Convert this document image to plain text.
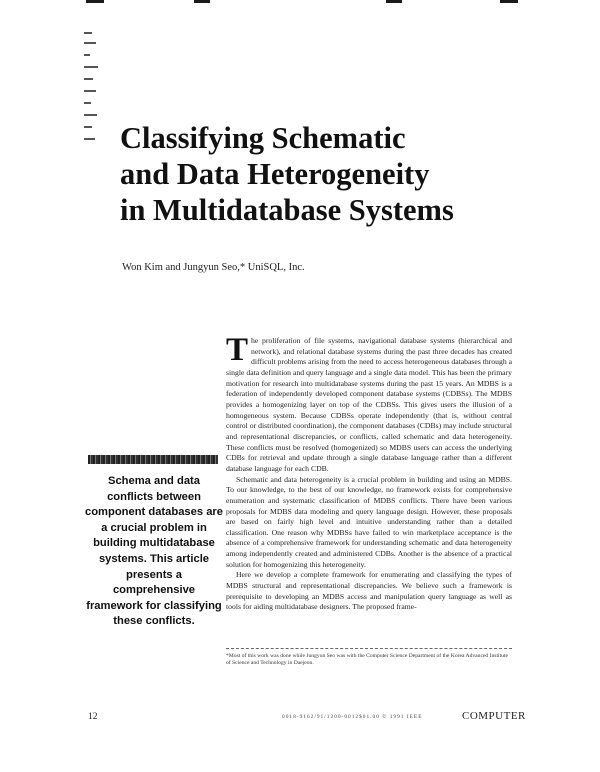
Classifying Schematic
and Data Heterogeneity
in Multidatabase Systems
Won Kim and Jungyun Seo,* UniSQL, Inc.

The proliferation of file systems, navigational database systems (hierarchical and network), and relational database systems during the past three decades has created difficult problems arising from the need to access heterogeneous databases through a single data definition and query language and a single data model. This has been the primary motivation for research into multidatabase systems during the past 15 years. An MDBS is a federation of independently developed component database systems (CDBSs). The MDBS provides a homogenizing layer on top of the CDBSs. This gives users the illusion of a homogeneous system. Because CDBSs operate independently (that is, without central control or distributed coordination), the component databases (CDBs) may include structural and representational discrepancies, or conflicts, called schematic and data heterogeneity. These conflicts must be resolved (homogenized) so MDBS users can access the underlying CDBs for retrieval and update through a single database language rather than a different database language for each CDB.

Schematic and data heterogeneity is a crucial problem in building and using an MDBS. To our knowledge, to the best of our knowledge, no framework exists for comprehensive enumeration and systematic classification of MDBS conflicts. There have been various proposals for MDBS data modeling and query language design. However, these proposals are based on fairly high level and intuitive understanding rather than a detailed classification. One reason why MDBSs have failed to win marketplace acceptance is the absence of a comprehensive framework for understanding schematic and data heterogeneity among independently created and administered CDBs. Another is the absence of a practical solution for homogenizing this heterogeneity.

Here we develop a complete framework for enumerating and classifying the types of MDBS structural and representational discrepancies. We believe such a framework is prerequisite to developing an MDBS access and manipulation query language as well as tools for aiding multidatabase designers. The proposed frame-

Schema and data conflicts between component databases are a crucial problem in building multidatabase systems. This article presents a comprehensive framework for classifying these conflicts.
*Most of this work was done while Jungyun Seo was with the Computer Science Department of the Korea Advanced Institute of Science and Technology in Daejeon.
12	0018-9162/91/1200-0012$01.00 © 1991 IEEE	COMPUTER
